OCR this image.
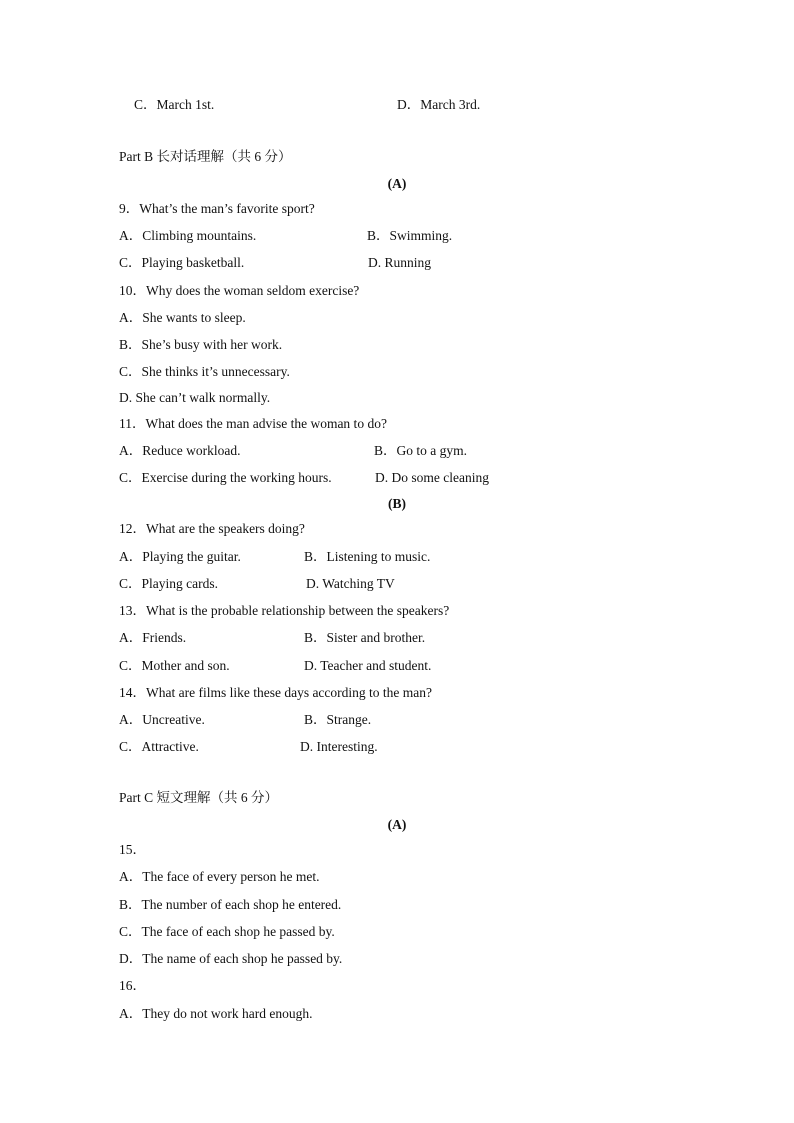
C．March 1st.	D．March 3rd.
Part B 长对话理解（共 6 分）
(A)
9．What’s the man’s favorite sport?
A．Climbing mountains.	B．Swimming.
C．Playing basketball.	D. Running
10．Why does the woman seldom exercise?
A．She wants to sleep.
B．She’s busy with her work.
C．She thinks it’s unnecessary.
D. She can’t walk normally.
11．What does the man advise the woman to do?
A．Reduce workload.	B．Go to a gym.
C．Exercise during the working hours.	D. Do some cleaning
(B)
12．What are the speakers doing?
A．Playing the guitar.	B．Listening to music.
C．Playing cards.	D. Watching TV
13．What is the probable relationship between the speakers?
A．Friends.	B．Sister and brother.
C．Mother and son.	D. Teacher and student.
14．What are films like these days according to the man?
A．Uncreative.	B．Strange.
C．Attractive.	D. Interesting.
Part C 短文理解（共 6 分）
(A)
15．
A．The face of every person he met.
B．The number of each shop he entered.
C．The face of each shop he passed by.
D．The name of each shop he passed by.
16．
A．They do not work hard enough.
